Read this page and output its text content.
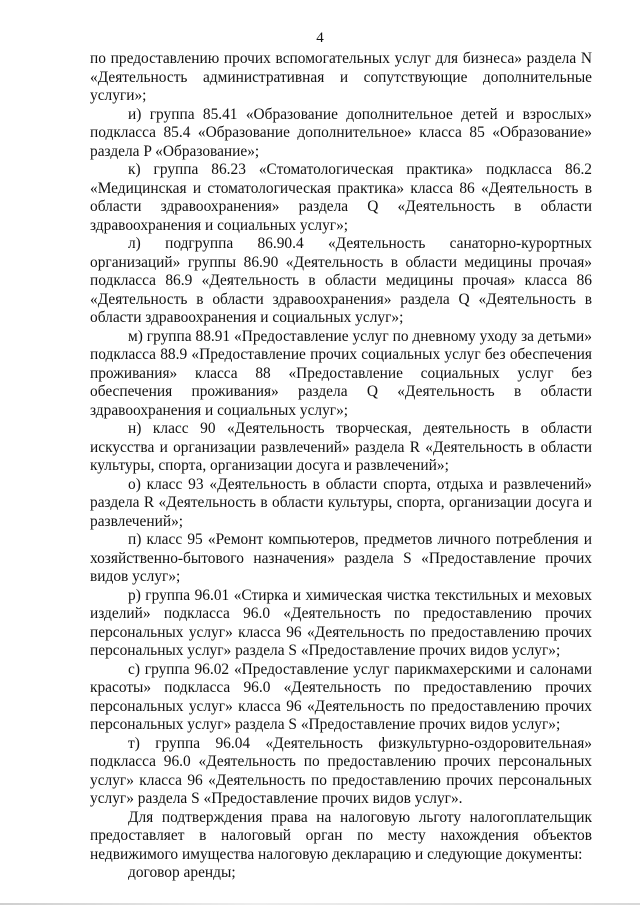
4

по предоставлению прочих вспомогательных услуг для бизнеса» раздела N «Деятельность административная и сопутствующие дополнительные услуги»;

и) группа 85.41 «Образование дополнительное детей и взрослых» подкласса 85.4 «Образование дополнительное» класса 85 «Образование» раздела P «Образование»;

к) группа 86.23 «Стоматологическая практика» подкласса 86.2 «Медицинская и стоматологическая практика» класса 86 «Деятельность в области здравоохранения» раздела Q «Деятельность в области здравоохранения и социальных услуг»;

л) подгруппа 86.90.4 «Деятельность санаторно-курортных организаций» группы 86.90 «Деятельность в области медицины прочая» подкласса 86.9 «Деятельность в области медицины прочая» класса 86 «Деятельность в области здравоохранения» раздела Q «Деятельность в области здравоохранения и социальных услуг»;

м) группа 88.91 «Предоставление услуг по дневному уходу за детьми» подкласса 88.9 «Предоставление прочих социальных услуг без обеспечения проживания» класса 88 «Предоставление социальных услуг без обеспечения проживания» раздела Q «Деятельность в области здравоохранения и социальных услуг»;

н) класс 90 «Деятельность творческая, деятельность в области искусства и организации развлечений» раздела R «Деятельность в области культуры, спорта, организации досуга и развлечений»;

о) класс 93 «Деятельность в области спорта, отдыха и развлечений» раздела R «Деятельность в области культуры, спорта, организации досуга и развлечений»;

п) класс 95 «Ремонт компьютеров, предметов личного потребления и хозяйственно-бытового назначения» раздела S «Предоставление прочих видов услуг»;

р) группа 96.01 «Стирка и химическая чистка текстильных и меховых изделий» подкласса 96.0 «Деятельность по предоставлению прочих персональных услуг» класса 96 «Деятельность по предоставлению прочих персональных услуг» раздела S «Предоставление прочих видов услуг»;

с) группа 96.02 «Предоставление услуг парикмахерскими и салонами красоты» подкласса 96.0 «Деятельность по предоставлению прочих персональных услуг» класса 96 «Деятельность по предоставлению прочих персональных услуг» раздела S «Предоставление прочих видов услуг»;

т) группа 96.04 «Деятельность физкультурно-оздоровительная» подкласса 96.0 «Деятельность по предоставлению прочих персональных услуг» класса 96 «Деятельность по предоставлению прочих персональных услуг» раздела S «Предоставление прочих видов услуг».

Для подтверждения права на налоговую льготу налогоплательщик предоставляет в налоговый орган по месту нахождения объектов недвижимого имущества налоговую декларацию и следующие документы:

договор аренды;
